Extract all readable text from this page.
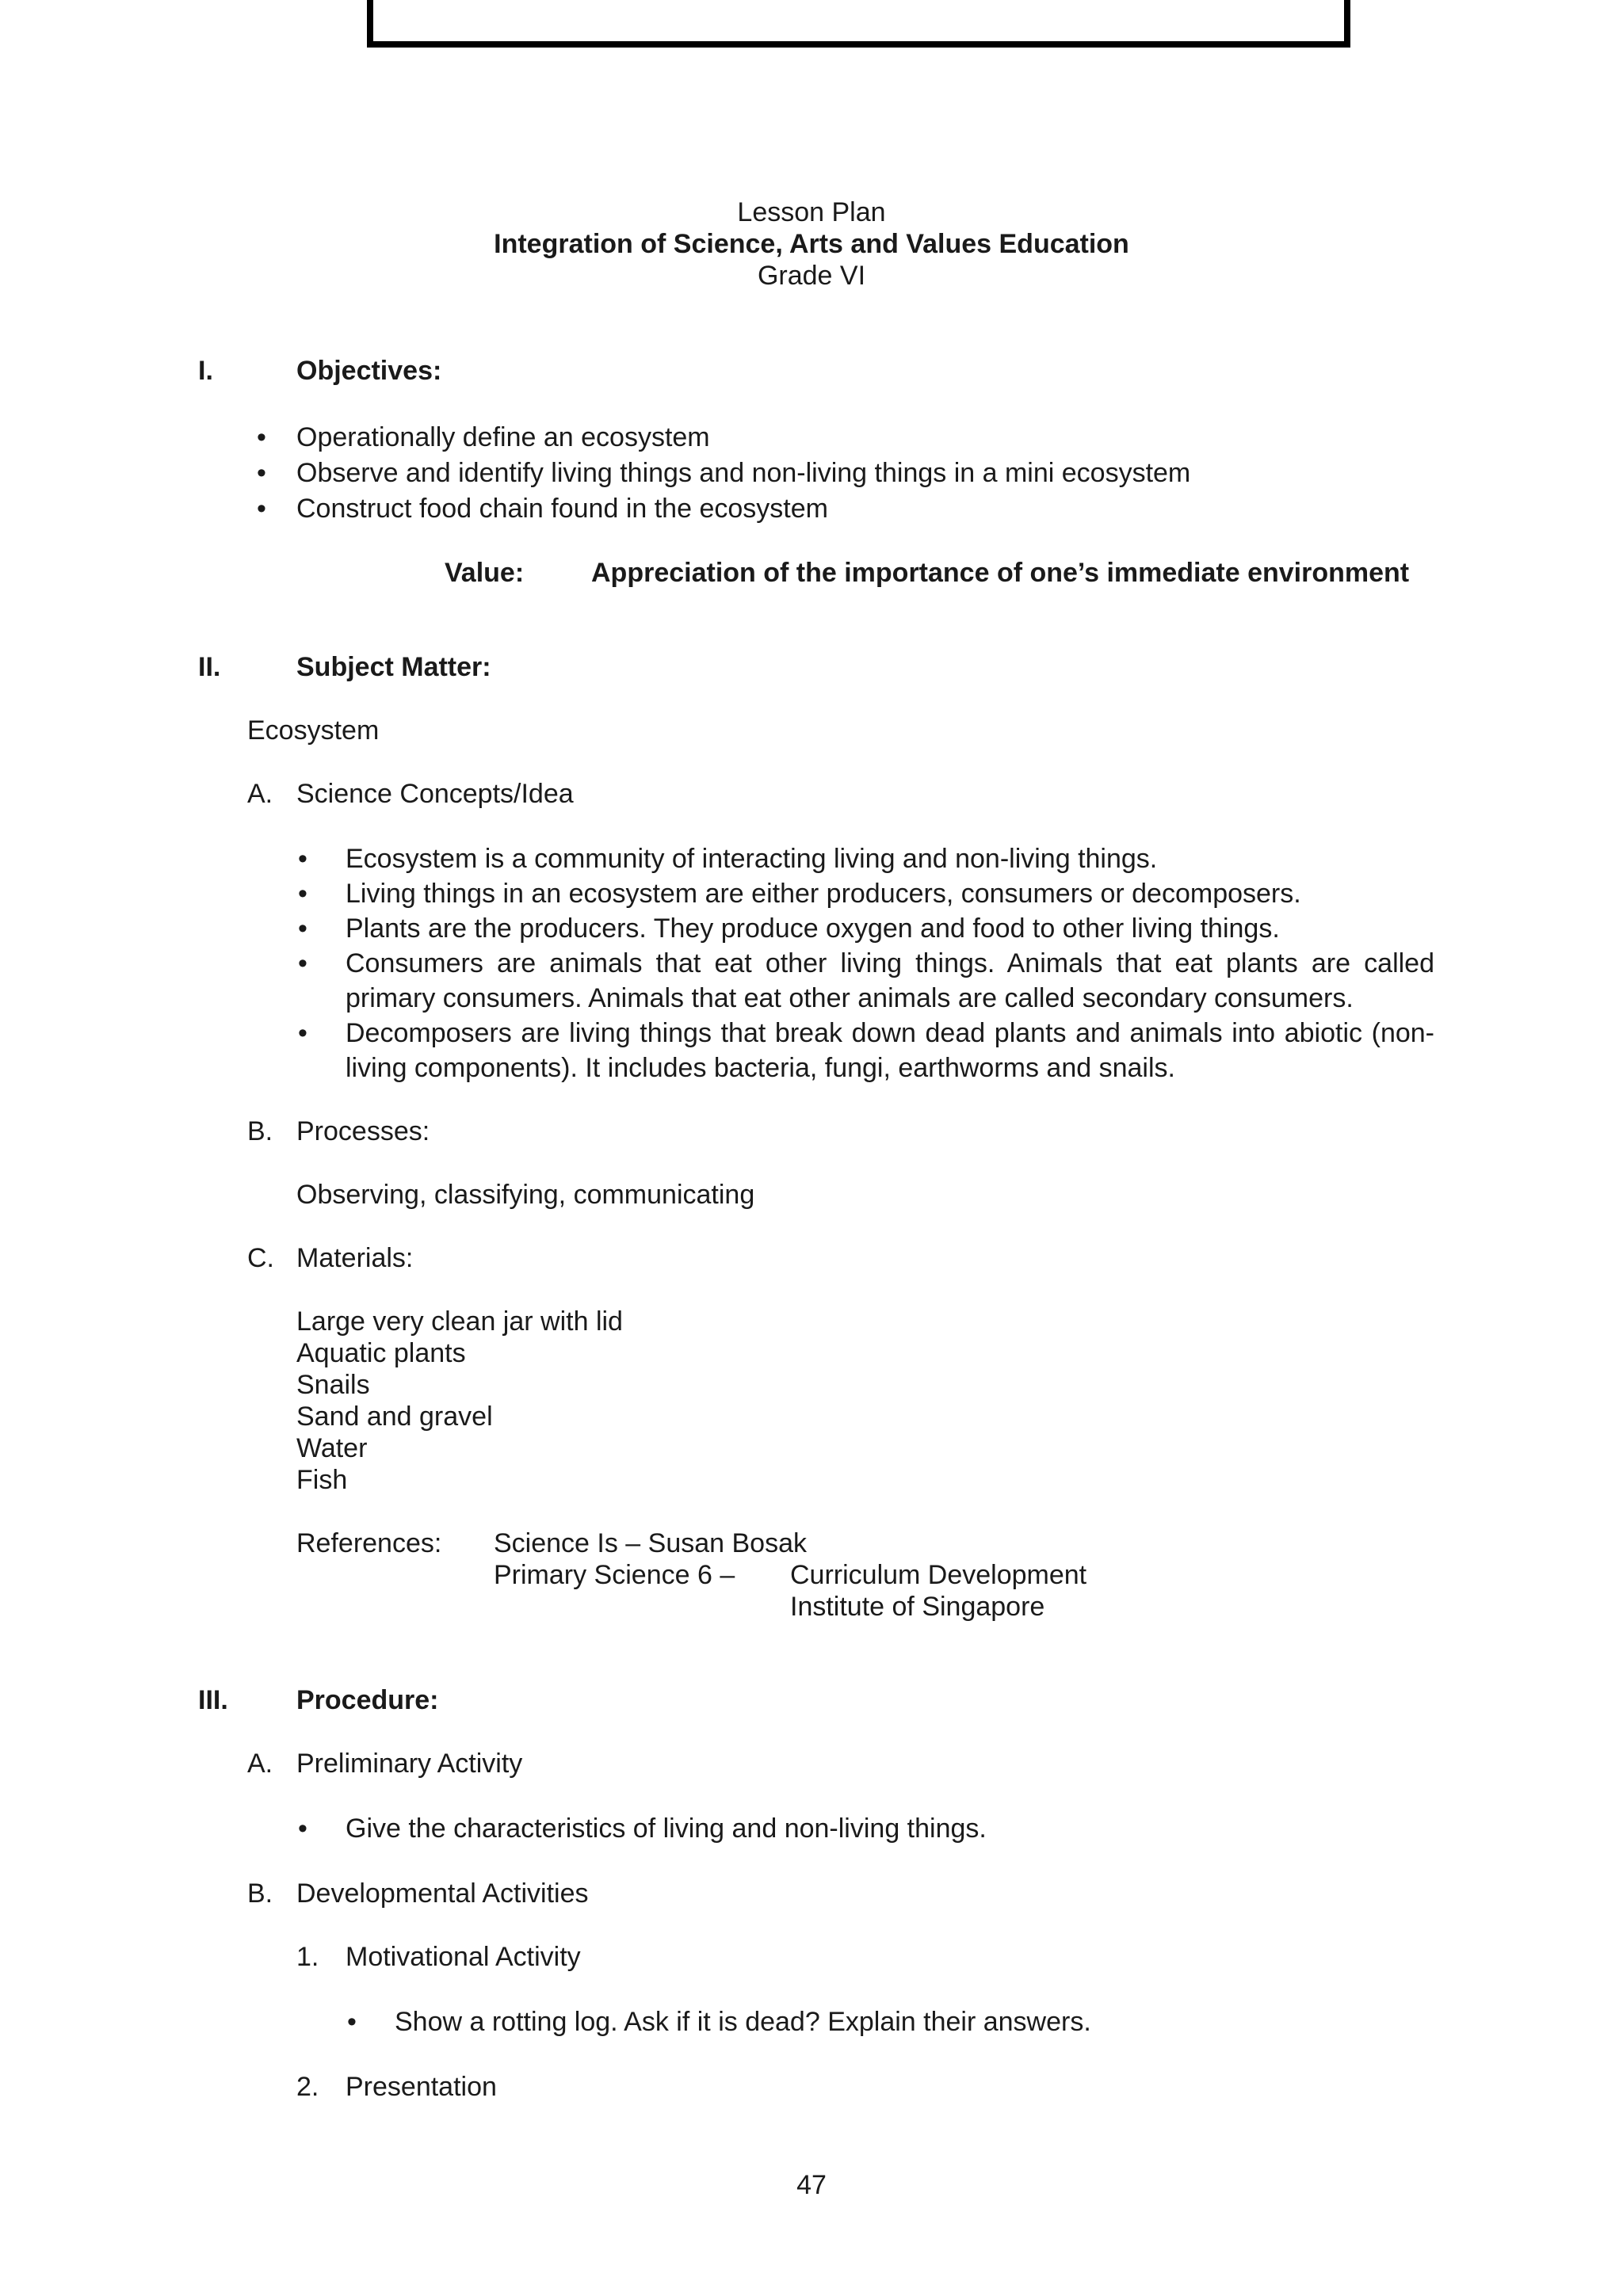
Lesson Plan
Integration of Science, Arts and Values Education
Grade VI
I.	Objectives:
• Operationally define an ecosystem
• Observe and identify living things and non-living things in a mini ecosystem
• Construct food chain found in the ecosystem
Value: Appreciation of the importance of one’s immediate environment
II.	Subject Matter:
Ecosystem
A. Science Concepts/Idea
• Ecosystem is a community of interacting living and non-living things.
• Living things in an ecosystem are either producers, consumers or decomposers.
• Plants are the producers. They produce oxygen and food to other living things.
• Consumers are animals that eat other living things. Animals that eat plants are called
primary consumers. Animals that eat other animals are called secondary consumers.
• Decomposers are living things that break down dead plants and animals into abiotic (non-
living components). It includes bacteria, fungi, earthworms and snails.
B. Processes:
Observing, classifying, communicating
C. Materials:
Large very clean jar with lid
Aquatic plants
Snails
Sand and gravel
Water
Fish
References: Science Is – Susan Bosak
Primary Science 6 – Curriculum Development
Institute of Singapore
III.	Procedure:
A. Preliminary Activity
• Give the characteristics of living and non-living things.
B. Developmental Activities
1. Motivational Activity
• Show a rotting log. Ask if it is dead? Explain their answers.
2. Presentation
47
